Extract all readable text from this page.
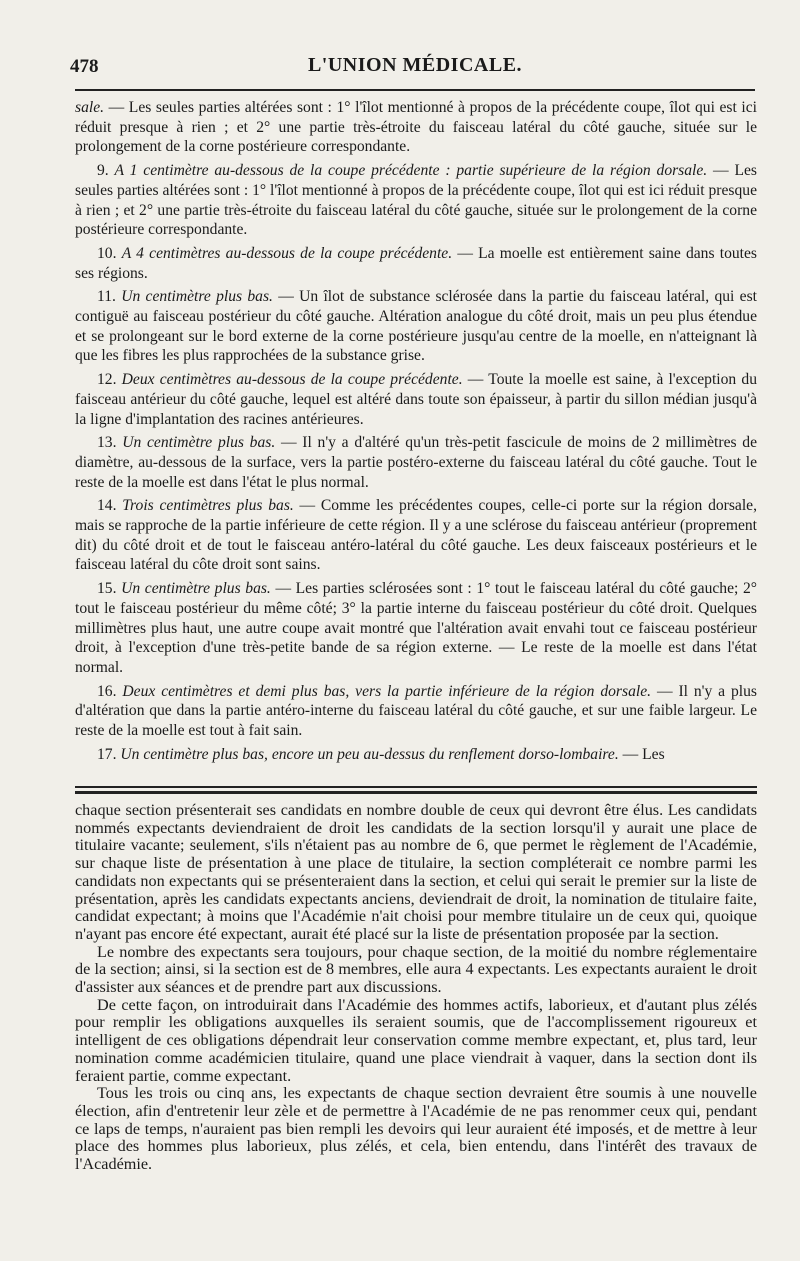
478	L'UNION MÉDICALE.

sale. — Les seules parties altérées sont : 1° l'îlot mentionné à propos de la précédente coupe, îlot qui est ici réduit presque à rien ; et 2° une partie très-étroite du faisceau latéral du côté gauche, située sur le prolongement de la corne postérieure correspondante.

9. A 1 centimètre au-dessous de la coupe précédente : partie supérieure de la région dorsale. — Les seules parties altérées sont : 1° l'îlot mentionné à propos de la précédente coupe, îlot qui est ici réduit presque à rien ; et 2° une partie très-étroite du faisceau latéral du côté gauche, située sur le prolongement de la corne postérieure correspondante.

10. A 4 centimètres au-dessous de la coupe précédente. — La moelle est entièrement saine dans toutes ses régions.

11. Un centimètre plus bas. — Un îlot de substance sclérosée dans la partie du faisceau latéral, qui est contiguë au faisceau postérieur du côté gauche. Altération analogue du côté droit, mais un peu plus étendue et se prolongeant sur le bord externe de la corne postérieure jusqu'au centre de la moelle, en n'atteignant là que les fibres les plus rapprochées de la substance grise.

12. Deux centimètres au-dessous de la coupe précédente. — Toute la moelle est saine, à l'exception du faisceau antérieur du côté gauche, lequel est altéré dans toute son épaisseur, à partir du sillon médian jusqu'à la ligne d'implantation des racines antérieures.

13. Un centimètre plus bas. — Il n'y a d'altéré qu'un très-petit fascicule de moins de 2 millimètres de diamètre, au-dessous de la surface, vers la partie postéro-externe du faisceau latéral du côté gauche. Tout le reste de la moelle est dans l'état le plus normal.

14. Trois centimètres plus bas. — Comme les précédentes coupes, celle-ci porte sur la région dorsale, mais se rapproche de la partie inférieure de cette région. Il y a une sclérose du faisceau antérieur (proprement dit) du côté droit et de tout le faisceau antéro-latéral du côté gauche. Les deux faisceaux postérieurs et le faisceau latéral du côte droit sont sains.

15. Un centimètre plus bas. — Les parties sclérosées sont : 1° tout le faisceau latéral du côté gauche; 2° tout le faisceau postérieur du même côté; 3° la partie interne du faisceau postérieur du côté droit. Quelques millimètres plus haut, une autre coupe avait montré que l'altération avait envahi tout ce faisceau postérieur droit, à l'exception d'une très-petite bande de sa région externe. — Le reste de la moelle est dans l'état normal.

16. Deux centimètres et demi plus bas, vers la partie inférieure de la région dorsale. — Il n'y a plus d'altération que dans la partie antéro-interne du faisceau latéral du côté gauche, et sur une faible largeur. Le reste de la moelle est tout à fait sain.

17. Un centimètre plus bas, encore un peu au-dessus du renflement dorso-lombaire. — Les

chaque section présenterait ses candidats en nombre double de ceux qui devront être élus. Les candidats nommés expectants deviendraient de droit les candidats de la section lorsqu'il y aurait une place de titulaire vacante; seulement, s'ils n'étaient pas au nombre de 6, que permet le règlement de l'Académie, sur chaque liste de présentation à une place de titulaire, la section compléterait ce nombre parmi les candidats non expectants qui se présenteraient dans la section, et celui qui serait le premier sur la liste de présentation, après les candidats expectants anciens, deviendrait de droit, la nomination de titulaire faite, candidat expectant; à moins que l'Académie n'ait choisi pour membre titulaire un de ceux qui, quoique n'ayant pas encore été expectant, aurait été placé sur la liste de présentation proposée par la section.

Le nombre des expectants sera toujours, pour chaque section, de la moitié du nombre réglementaire de la section; ainsi, si la section est de 8 membres, elle aura 4 expectants. Les expectants auraient le droit d'assister aux séances et de prendre part aux discussions.

De cette façon, on introduirait dans l'Académie des hommes actifs, laborieux, et d'autant plus zélés pour remplir les obligations auxquelles ils seraient soumis, que de l'accomplissement rigoureux et intelligent de ces obligations dépendrait leur conservation comme membre expectant, et, plus tard, leur nomination comme académicien titulaire, quand une place viendrait à vaquer, dans la section dont ils feraient partie, comme expectant.

Tous les trois ou cinq ans, les expectants de chaque section devraient être soumis à une nouvelle élection, afin d'entretenir leur zèle et de permettre à l'Académie de ne pas renommer ceux qui, pendant ce laps de temps, n'auraient pas bien rempli les devoirs qui leur auraient été imposés, et de mettre à leur place des hommes plus laborieux, plus zélés, et cela, bien entendu, dans l'intérêt des travaux de l'Académie.
